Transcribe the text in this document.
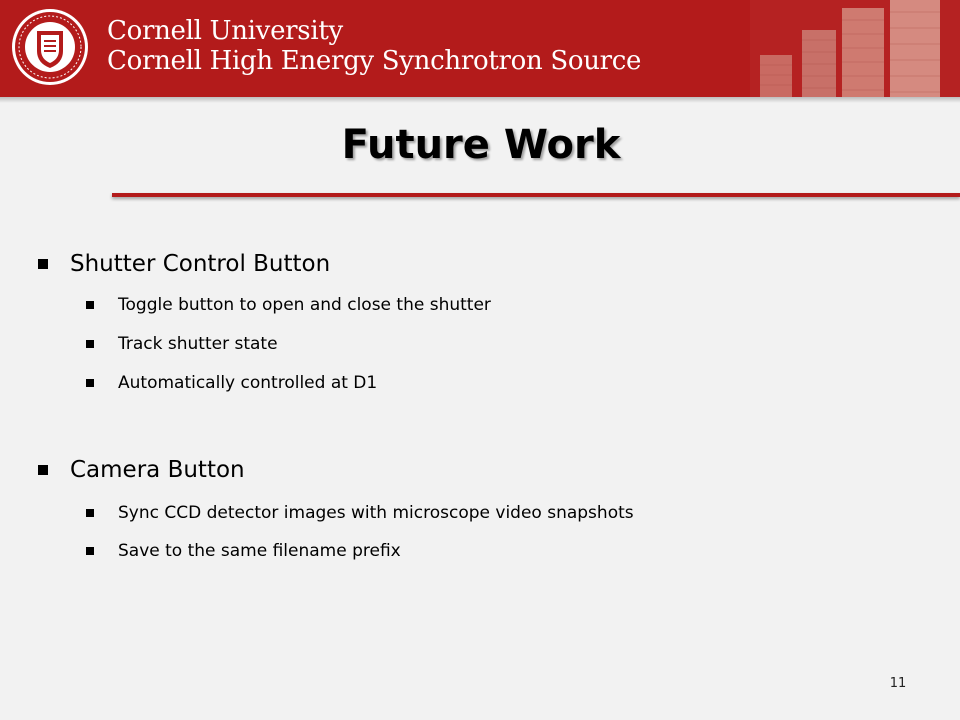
Cornell University
Cornell High Energy Synchrotron Source
Future Work
Shutter Control Button
Toggle button to open and close the shutter
Track shutter state
Automatically controlled at D1
Camera Button
Sync CCD detector images with microscope video snapshots
Save to the same filename prefix
11
